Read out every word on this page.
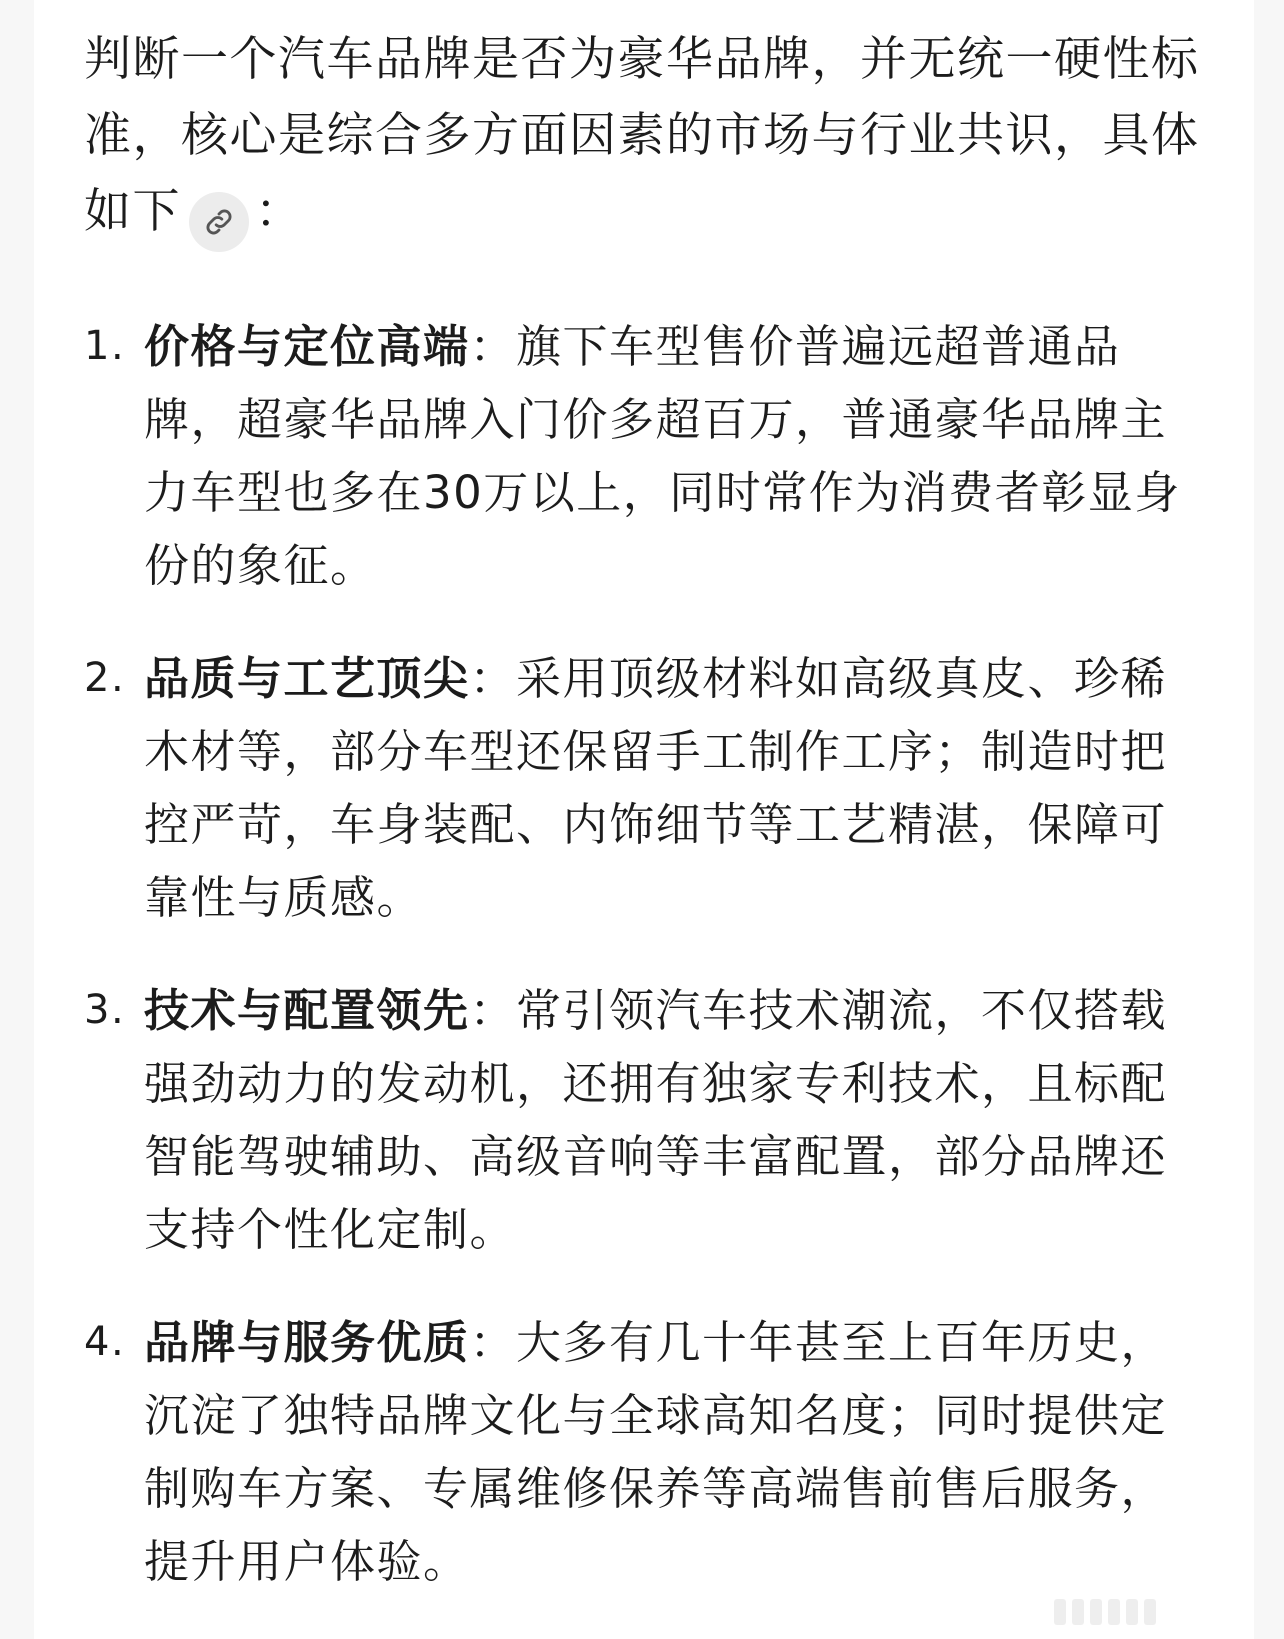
判断一个汽车品牌是否为豪华品牌，并无统一硬性标准，核心是综合多方面因素的市场与行业共识，具体如下 ：

1. 价格与定位高端：旗下车型售价普遍远超普通品牌，超豪华品牌入门价多超百万，普通豪华品牌主力车型也多在30万以上，同时常作为消费者彰显身份的象征。
2. 品质与工艺顶尖：采用顶级材料如高级真皮、珍稀木材等，部分车型还保留手工制作工序；制造时把控严苛，车身装配、内饰细节等工艺精湛，保障可靠性与质感。
3. 技术与配置领先：常引领汽车技术潮流，不仅搭载强劲动力的发动机，还拥有独家专利技术，且标配智能驾驶辅助、高级音响等丰富配置，部分品牌还支持个性化定制。
4. 品牌与服务优质：大多有几十年甚至上百年历史，沉淀了独特品牌文化与全球高知名度；同时提供定制购车方案、专属维修保养等高端售前售后服务，提升用户体验。
